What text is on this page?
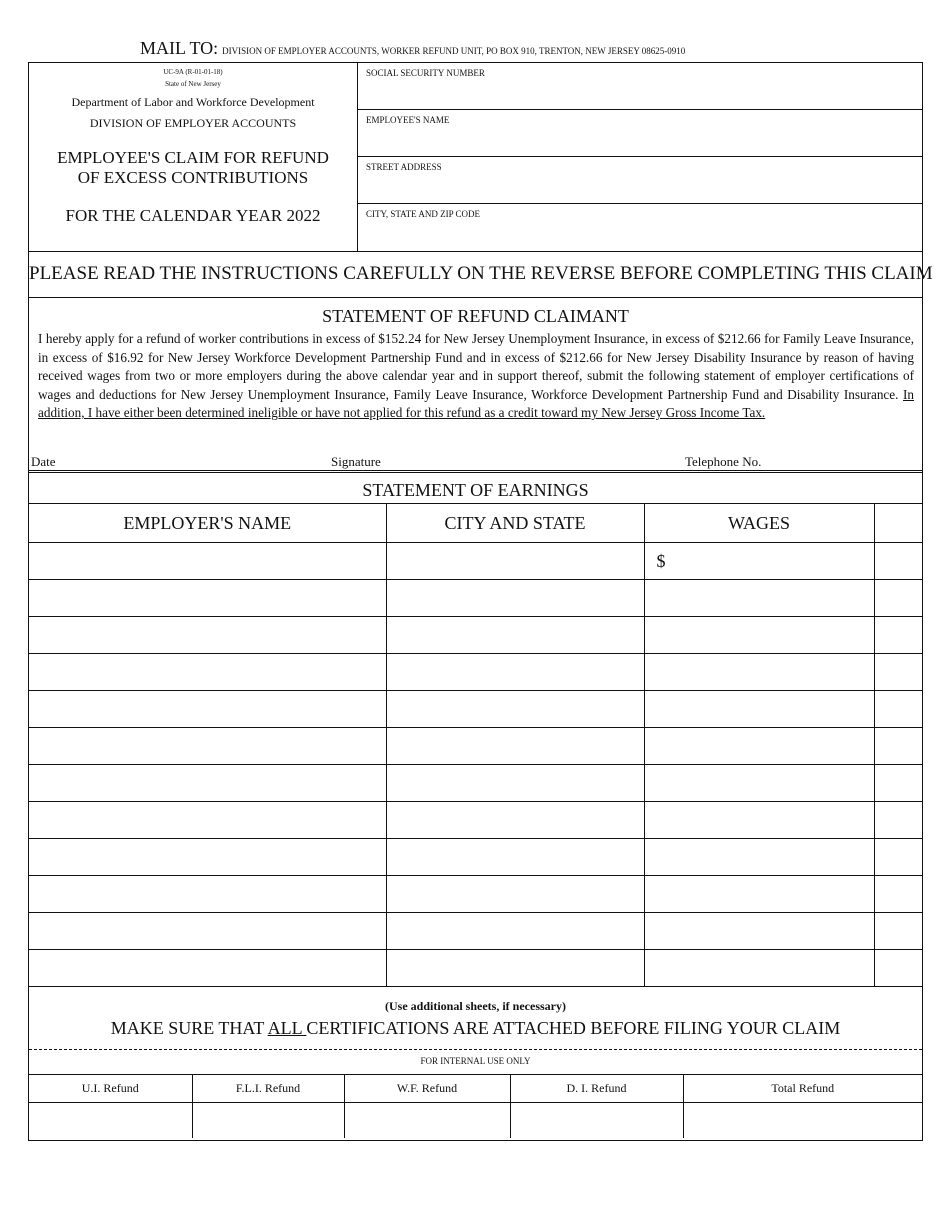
MAIL TO: DIVISION OF EMPLOYER ACCOUNTS, WORKER REFUND UNIT, PO BOX 910, TRENTON, NEW JERSEY 08625-0910
UC-9A (R-01-01-18)
State of New Jersey
Department of Labor and Workforce Development
DIVISION OF EMPLOYER ACCOUNTS
EMPLOYEE'S CLAIM FOR REFUND
OF EXCESS CONTRIBUTIONS
FOR THE CALENDAR YEAR 2022
SOCIAL SECURITY NUMBER
EMPLOYEE'S NAME
STREET ADDRESS
CITY, STATE AND ZIP CODE
PLEASE READ THE INSTRUCTIONS CAREFULLY ON THE REVERSE BEFORE COMPLETING THIS CLAIM
STATEMENT OF REFUND CLAIMANT
I hereby apply for a refund of worker contributions in excess of $152.24 for New Jersey Unemployment Insurance, in excess of $212.66 for Family Leave Insurance, in excess of $16.92 for New Jersey Workforce Development Partnership Fund and in excess of $212.66 for New Jersey Disability Insurance by reason of having received wages from two or more employers during the above calendar year and in support thereof, submit the following statement of employer certifications of wages and deductions for New Jersey Unemployment Insurance, Family Leave Insurance, Workforce Development Partnership Fund and Disability Insurance. In addition, I have either been determined ineligible or have not applied for this refund as a credit toward my New Jersey Gross Income Tax.
Date	Signature	Telephone No.
STATEMENT OF EARNINGS
EMPLOYER'S NAME	CITY AND STATE	WAGES	
		$	

(Use additional sheets, if necessary)
MAKE SURE THAT ALL CERTIFICATIONS ARE ATTACHED BEFORE FILING YOUR CLAIM
FOR INTERNAL USE ONLY
U.I. Refund	F.L.I. Refund	W.F. Refund	D. I. Refund	Total Refund
